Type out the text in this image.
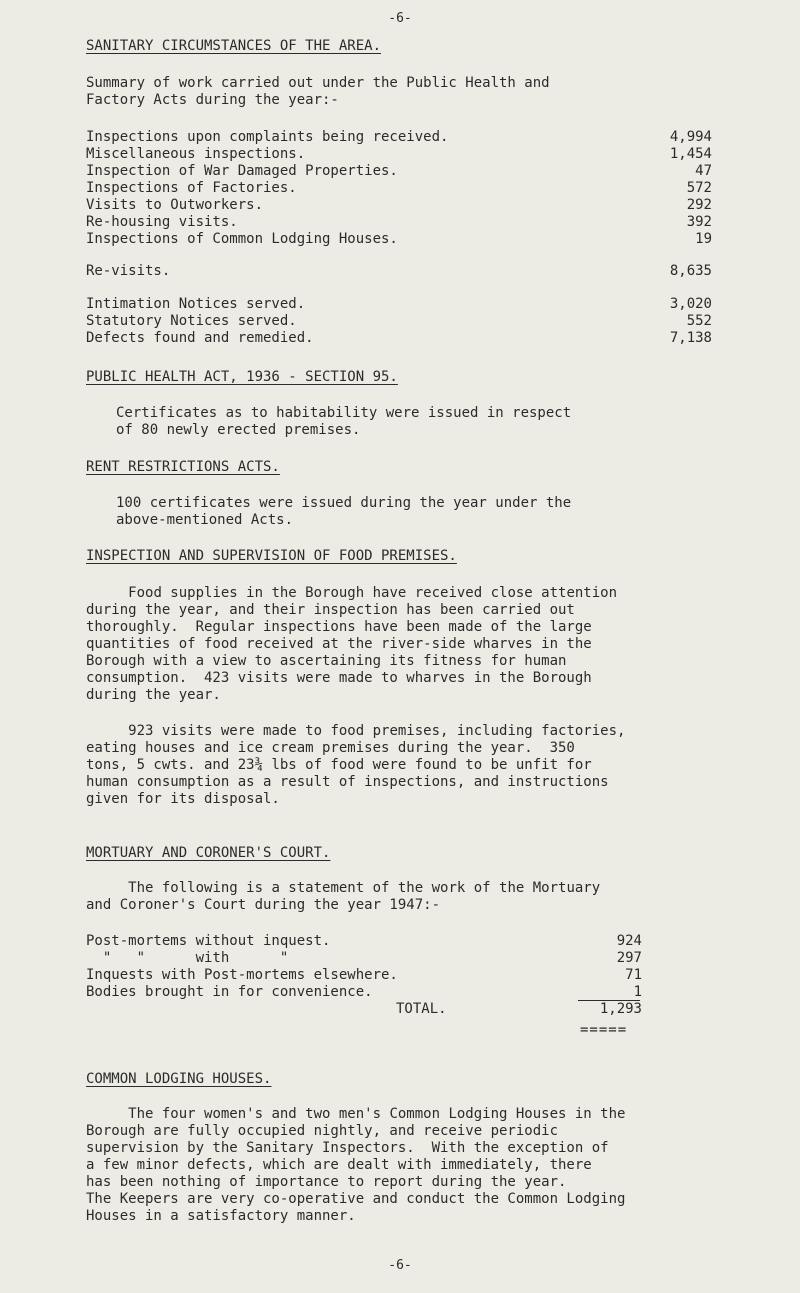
-6-
SANITARY CIRCUMSTANCES OF THE AREA.
Summary of work carried out under the Public Health and
Factory Acts during the year:-
Inspections upon complaints being received.	4,994
Miscellaneous inspections.	1,454
Inspection of War Damaged Properties.	47
Inspections of Factories.	572
Visits to Outworkers.	292
Re-housing visits.	392
Inspections of Common Lodging Houses.	19
Re-visits.	8,635
Intimation Notices served.	3,020
Statutory Notices served.	552
Defects found and remedied.	7,138
PUBLIC HEALTH ACT, 1936 - SECTION 95.
Certificates as to habitability were issued in respect
of 80 newly erected premises.
RENT RESTRICTIONS ACTS.
100 certificates were issued during the year under the
above-mentioned Acts.
INSPECTION AND SUPERVISION OF FOOD PREMISES.
Food supplies in the Borough have received close attention
during the year, and their inspection has been carried out
thoroughly.  Regular inspections have been made of the large
quantities of food received at the river-side wharves in the
Borough with a view to ascertaining its fitness for human
consumption.  423 visits were made to wharves in the Borough
during the year.
923 visits were made to food premises, including factories,
eating houses and ice cream premises during the year.  350
tons, 5 cwts. and 23¾ lbs of food were found to be unfit for
human consumption as a result of inspections, and instructions
given for its disposal.
MORTUARY AND CORONER'S COURT.
The following is a statement of the work of the Mortuary
and Coroner's Court during the year 1947:-
Post-mortems without inquest.	924
"   "      with      "	297
Inquests with Post-mortems elsewhere.	71
Bodies brought in for convenience.	1
TOTAL.	1,293
=====
COMMON LODGING HOUSES.
The four women's and two men's Common Lodging Houses in the
Borough are fully occupied nightly, and receive periodic
supervision by the Sanitary Inspectors.  With the exception of
a few minor defects, which are dealt with immediately, there
has been nothing of importance to report during the year.
The Keepers are very co-operative and conduct the Common Lodging
Houses in a satisfactory manner.
-6-
